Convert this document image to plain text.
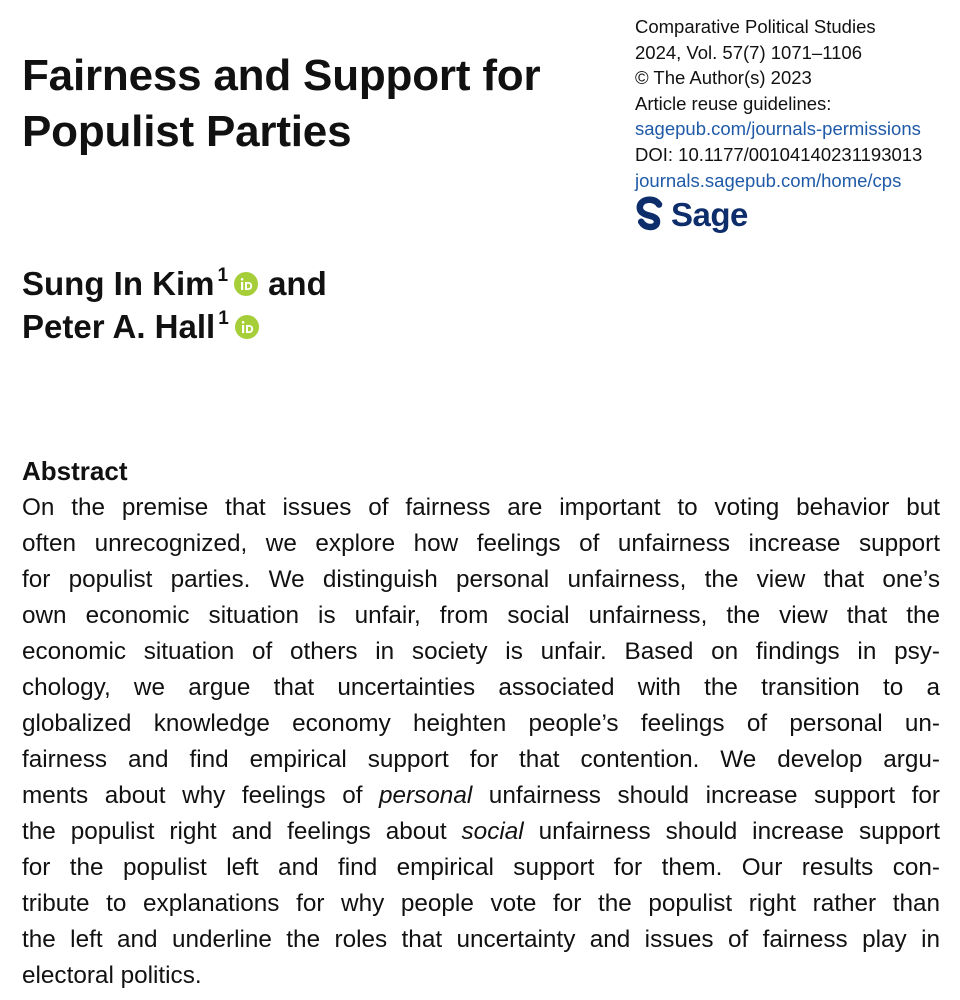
Fairness and Support for Populist Parties
Comparative Political Studies
2024, Vol. 57(7) 1071–1106
© The Author(s) 2023
Article reuse guidelines:
sagepub.com/journals-permissions
DOI: 10.1177/00104140231193013
journals.sagepub.com/home/cps
Sage
Sung In Kim 1 and
Peter A. Hall 1
Abstract
On the premise that issues of fairness are important to voting behavior but
often unrecognized, we explore how feelings of unfairness increase support
for populist parties. We distinguish personal unfairness, the view that one’s
own economic situation is unfair, from social unfairness, the view that the
economic situation of others in society is unfair. Based on findings in psy-
chology, we argue that uncertainties associated with the transition to a
globalized knowledge economy heighten people’s feelings of personal un-
fairness and find empirical support for that contention. We develop argu-
ments about why feelings of personal unfairness should increase support for
the populist right and feelings about social unfairness should increase support
for the populist left and find empirical support for them. Our results con-
tribute to explanations for why people vote for the populist right rather than
the left and underline the roles that uncertainty and issues of fairness play in
electoral politics.
